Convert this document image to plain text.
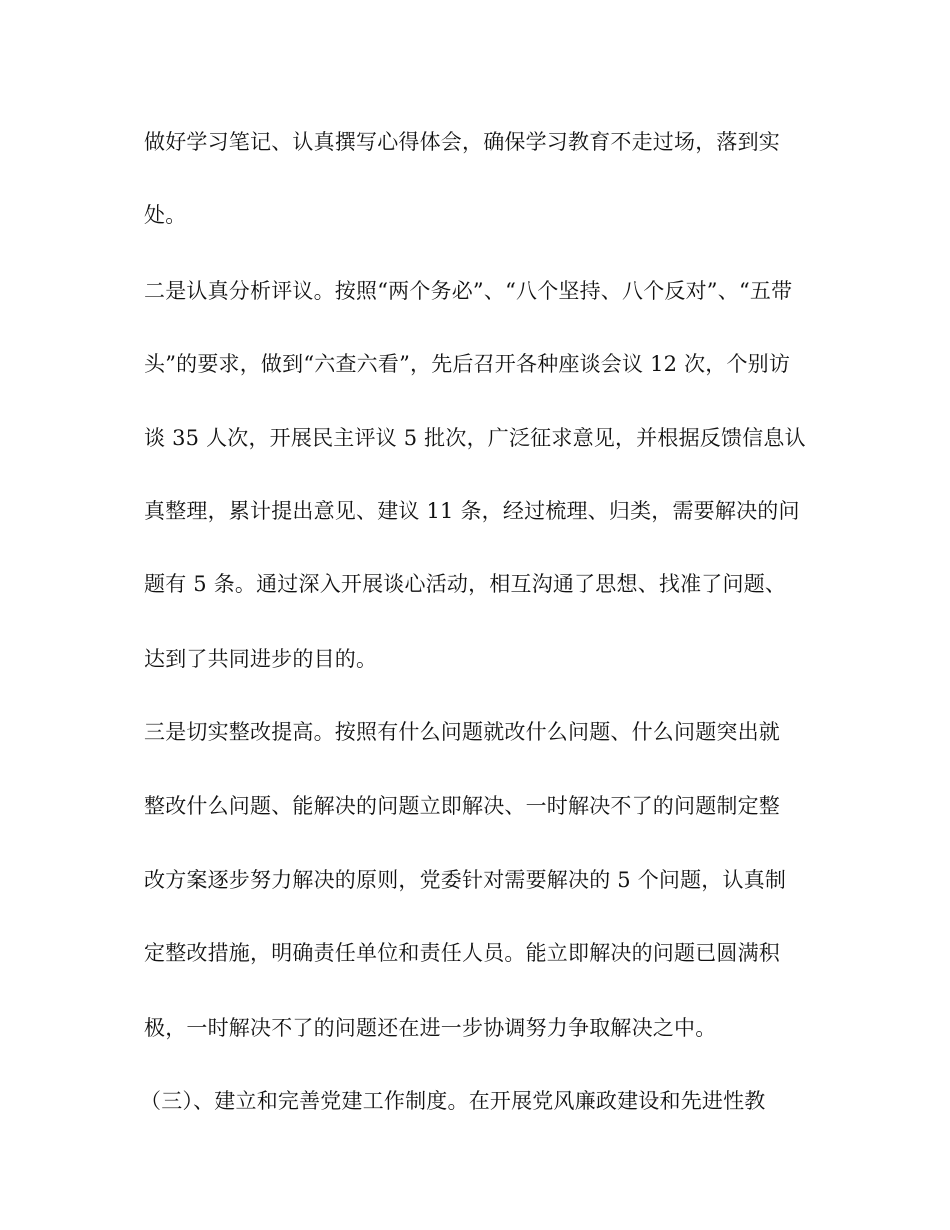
做好学习笔记、认真撰写心得体会，确保学习教育不走过场，落到实
处。
二是认真分析评议。按照“两个务必”、“八个坚持、八个反对”、“五带
头”的要求，做到“六查六看”，先后召开各种座谈会议 12 次，个别访
谈 35 人次，开展民主评议 5 批次，广泛征求意见，并根据反馈信息认
真整理，累计提出意见、建议 11 条，经过梳理、归类，需要解决的问
题有 5 条。通过深入开展谈心活动，相互沟通了思想、找准了问题、
达到了共同进步的目的。
三是切实整改提高。按照有什么问题就改什么问题、什么问题突出就
整改什么问题、能解决的问题立即解决、一时解决不了的问题制定整
改方案逐步努力解决的原则，党委针对需要解决的 5 个问题，认真制
定整改措施，明确责任单位和责任人员。能立即解决的问题已圆满积
极，一时解决不了的问题还在进一步协调努力争取解决之中。
（三）、建立和完善党建工作制度。在开展党风廉政建设和先进性教
